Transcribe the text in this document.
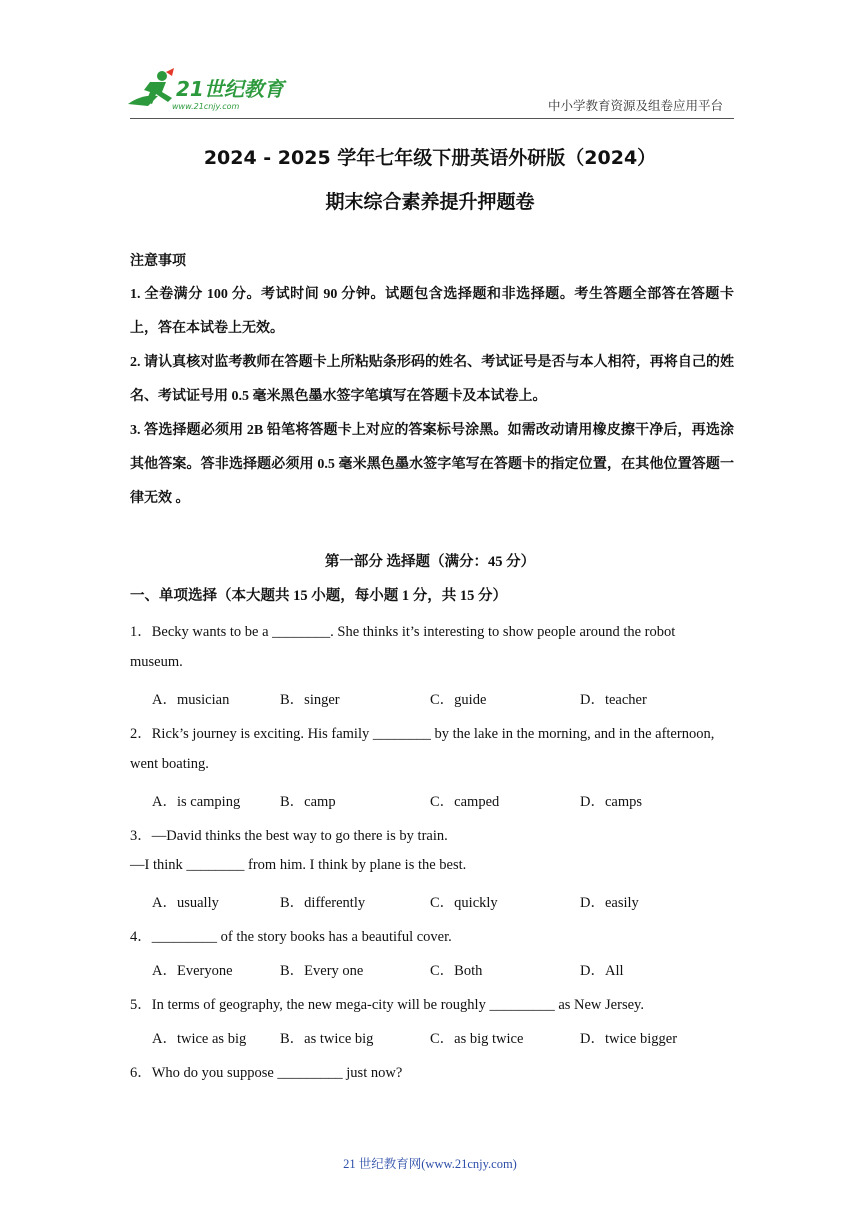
21世纪教育
www.21cnjy.com	中小学教育资源及组卷应用平台
2024 - 2025 学年七年级下册英语外研版（2024）
期末综合素养提升押题卷
注意事项
1. 全卷满分 100 分。考试时间 90 分钟。试题包含选择题和非选择题。考生答题全部答在答题卡上，答在本试卷上无效。
2. 请认真核对监考教师在答题卡上所粘贴条形码的姓名、考试证号是否与本人相符，再将自己的姓名、考试证号用 0.5 毫米黑色墨水签字笔填写在答题卡及本试卷上。
3. 答选择题必须用 2B 铅笔将答题卡上对应的答案标号涂黑。如需改动请用橡皮擦干净后，再选涂其他答案。答非选择题必须用 0.5 毫米黑色墨水签字笔写在答题卡的指定位置，在其他位置答题一律无效 。
第一部分 选择题（满分：45 分）
一、单项选择（本大题共 15 小题，每小题 1 分，共 15 分）
1．Becky wants to be a ________. She thinks it’s interesting to show people around the robot
museum.
A．musician	B．singer	C．guide	D．teacher
2．Rick’s journey is exciting. His family ________ by the lake in the morning, and in the afternoon,
went boating.
A．is camping	B．camp	C．camped	D．camps
3．—David thinks the best way to go there is by train.
—I think ________ from him. I think by plane is the best.
A．usually	B．differently	C．quickly	D．easily
4．_________ of the story books has a beautiful cover.
A．Everyone	B．Every one	C．Both	D．All
5．In terms of geography, the new mega-city will be roughly _________ as New Jersey.
A．twice as big B．as twice big	C．as big twice	D．twice bigger
6．Who do you suppose _________ just now?
21 世纪教育网(www.21cnjy.com)
